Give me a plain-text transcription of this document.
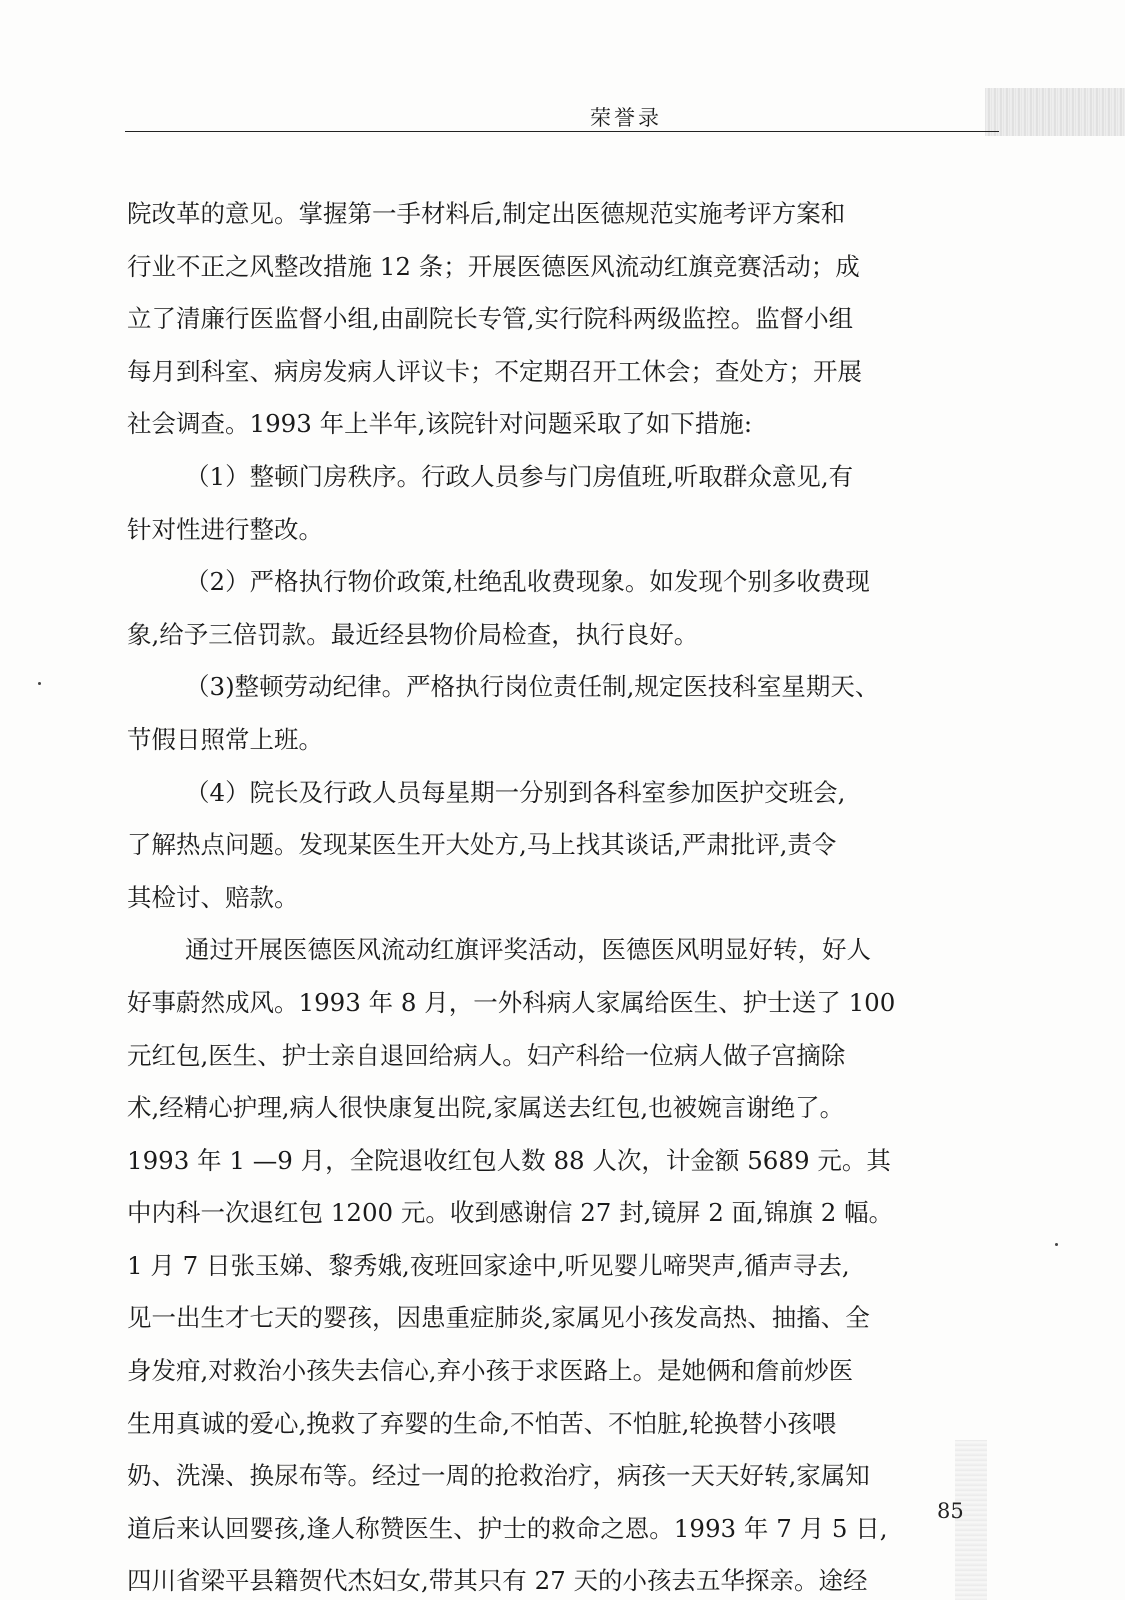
荣誉录
院改革的意见。掌握第一手材料后,制定出医德规范实施考评方案和
行业不正之风整改措施 12 条；开展医德医风流动红旗竞赛活动；成
立了清廉行医监督小组,由副院长专管,实行院科两级监控。监督小组
每月到科室、病房发病人评议卡；不定期召开工休会；查处方；开展
社会调查。1993 年上半年,该院针对问题采取了如下措施:
（1）整顿门房秩序。行政人员参与门房值班,听取群众意见,有
针对性进行整改。
（2）严格执行物价政策,杜绝乱收费现象。如发现个别多收费现
象,给予三倍罚款。最近经县物价局检查，执行良好。
（3)整顿劳动纪律。严格执行岗位责任制,规定医技科室星期天、
节假日照常上班。
（4）院长及行政人员每星期一分别到各科室参加医护交班会,
了解热点问题。发现某医生开大处方,马上找其谈话,严肃批评,责令
其检讨、赔款。
通过开展医德医风流动红旗评奖活动，医德医风明显好转，好人
好事蔚然成风。1993 年 8 月，一外科病人家属给医生、护士送了 100
元红包,医生、护士亲自退回给病人。妇产科给一位病人做子宫摘除
术,经精心护理,病人很快康复出院,家属送去红包,也被婉言谢绝了。
1993 年 1 —9 月，全院退收红包人数 88 人次，计金额 5689 元。其
中内科一次退红包 1200 元。收到感谢信 27 封,镜屏 2 面,锦旗 2 幅。
1 月 7 日张玉娣、黎秀娥,夜班回家途中,听见婴儿啼哭声,循声寻去,
见一出生才七天的婴孩，因患重症肺炎,家属见小孩发高热、抽搐、全
身发疳,对救治小孩失去信心,弃小孩于求医路上。是她俩和詹前炒医
生用真诚的爱心,挽救了弃婴的生命,不怕苦、不怕脏,轮换替小孩喂
奶、洗澡、换尿布等。经过一周的抢救治疗，病孩一天天好转,家属知
道后来认回婴孩,逢人称赞医生、护士的救命之恩。1993 年 7 月 5 日,
四川省梁平县籍贺代杰妇女,带其只有 27 天的小孩去五华探亲。途经
85
